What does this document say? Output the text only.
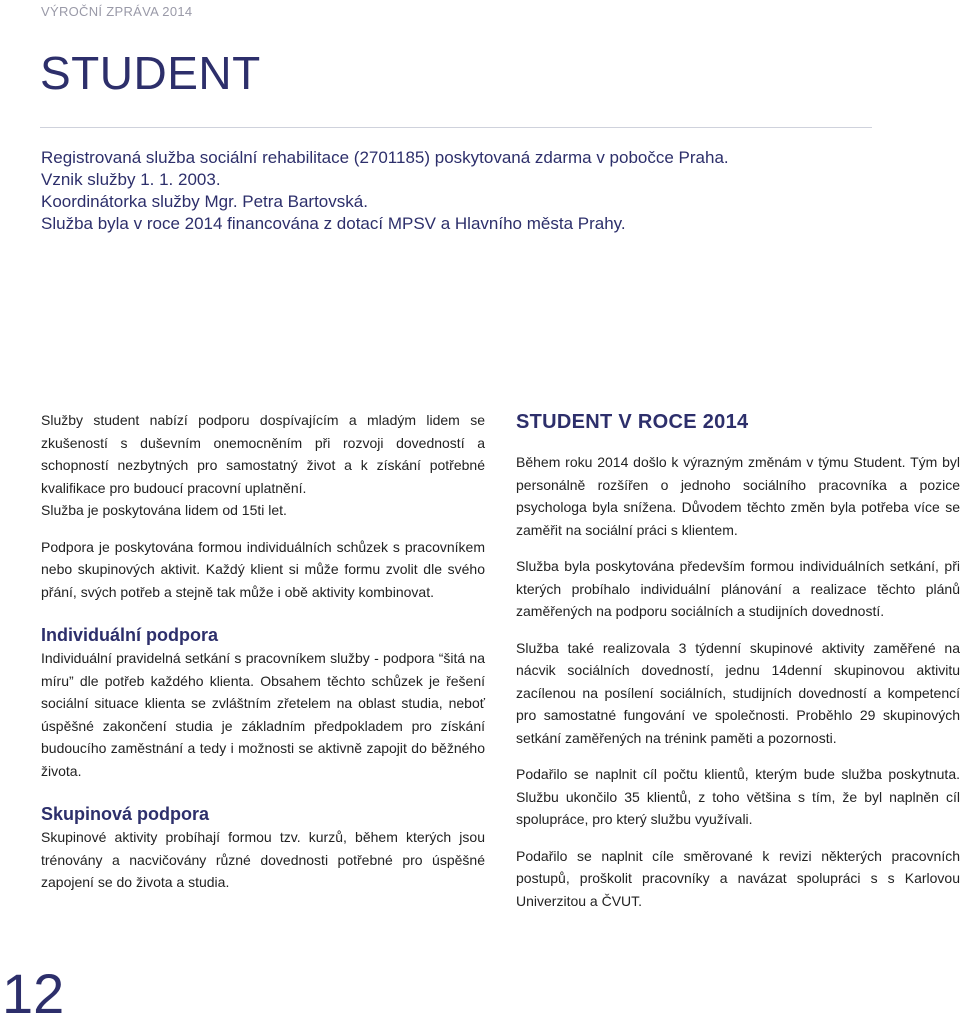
VÝROČNÍ ZPRÁVA 2014
STUDENT
Registrovaná služba sociální rehabilitace (2701185) poskytovaná zdarma v pobočce Praha.
Vznik služby 1. 1. 2003.
Koordinátorka služby Mgr. Petra Bartovská.
Služba byla v roce 2014 financována z dotací MPSV a Hlavního města Prahy.

Služby student nabízí podporu dospívajícím a mladým lidem se zkušeností s duševním onemocněním při rozvoji dovedností a schopností nezbytných pro samostatný život a k získání potřebné kvalifikace pro budoucí pracovní uplatnění.

Služba je poskytována lidem od 15ti let.

Podpora je poskytována formou individuálních schůzek s pracovníkem nebo skupinových aktivit. Každý klient si může formu zvolit dle svého přání, svých potřeb a stejně tak může i obě aktivity kombinovat.

Individuální podpora

Individuální pravidelná setkání s pracovníkem služby - podpora “šitá na míru” dle potřeb každého klienta. Obsahem těchto schůzek je řešení sociální situace klienta se zvláštním zřetelem na oblast studia, neboť úspěšné zakončení studia je základním předpokladem pro získání budoucího zaměstnání a tedy i možnosti se aktivně zapojit do běžného života.

Skupinová podpora

Skupinové aktivity probíhají formou tzv. kurzů, během kterých jsou trénovány a nacvičovány různé dovednosti potřebné pro úspěšné zapojení se do života a studia.

STUDENT V ROCE 2014

Během roku 2014 došlo k výrazným změnám v týmu Student. Tým byl personálně rozšířen o jednoho sociálního pracovníka a pozice psychologa byla snížena. Důvodem těchto změn byla potřeba více se zaměřit na sociální práci s klientem.

Služba byla poskytována především formou individuálních setkání, při kterých probíhalo individuální plánování a realizace těchto plánů zaměřených na podporu sociálních a studijních dovedností.

Služba také realizovala 3 týdenní skupinové aktivity zaměřené na nácvik sociálních dovedností, jednu 14denní skupinovou aktivitu zacílenou na posílení sociálních, studijních dovedností a kompetencí pro samostatné fungování ve společnosti. Proběhlo 29 skupinových setkání zaměřených na trénink paměti a pozornosti.

Podařilo se naplnit cíl počtu klientů, kterým bude služba poskytnuta. Službu ukončilo 35 klientů, z toho většina s tím, že byl naplněn cíl spolupráce, pro který službu využívali.

Podařilo se naplnit cíle směrované k revizi některých pracovních postupů, proškolit pracovníky a navázat spolupráci s s Karlovou Univerzitou a ČVUT.

12
